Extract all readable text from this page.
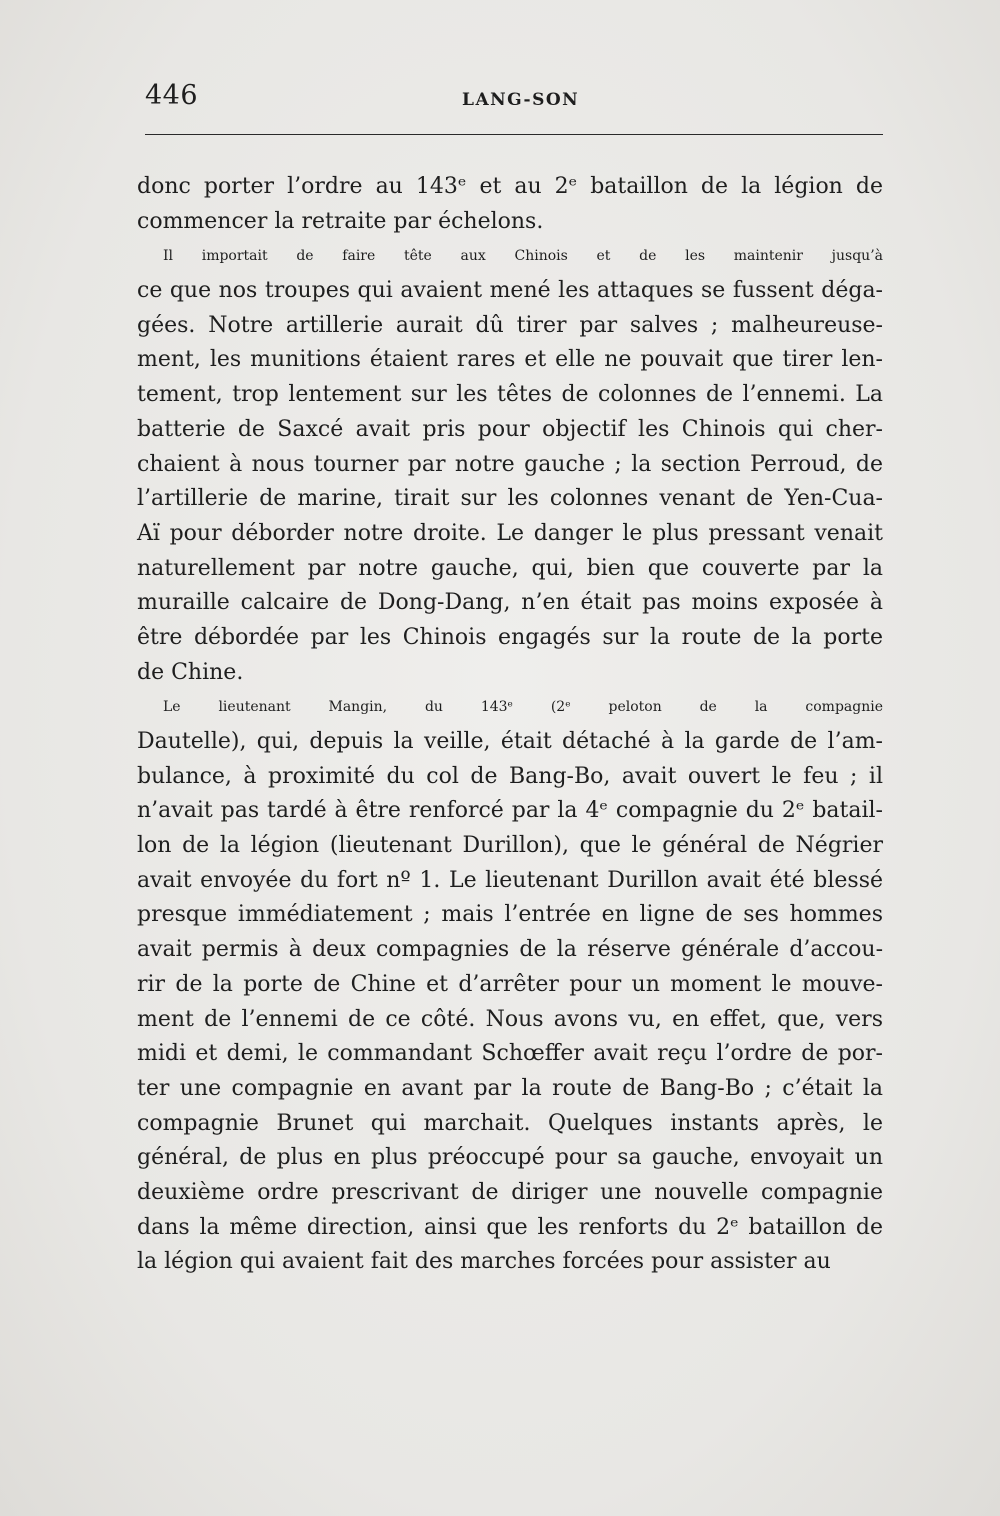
446	LANG-SON
donc porter l’ordre au 143ᵉ et au 2ᵉ bataillon de la légion de
commencer la retraite par échelons.
Il importait de faire tête aux Chinois et de les maintenir jusqu’à
ce que nos troupes qui avaient mené les attaques se fussent déga-
gées. Notre artillerie aurait dû tirer par salves ; malheureuse-
ment, les munitions étaient rares et elle ne pouvait que tirer len-
tement, trop lentement sur les têtes de colonnes de l’ennemi. La
batterie de Saxcé avait pris pour objectif les Chinois qui cher-
chaient à nous tourner par notre gauche ; la section Perroud, de
l’artillerie de marine, tirait sur les colonnes venant de Yen-Cua-
Aï pour déborder notre droite. Le danger le plus pressant venait
naturellement par notre gauche, qui, bien que couverte par la
muraille calcaire de Dong-Dang, n’en était pas moins exposée à
être débordée par les Chinois engagés sur la route de la porte
de Chine.
Le lieutenant Mangin, du 143ᵉ (2ᵉ peloton de la compagnie
Dautelle), qui, depuis la veille, était détaché à la garde de l’am-
bulance, à proximité du col de Bang-Bo, avait ouvert le feu ; il
n’avait pas tardé à être renforcé par la 4ᵉ compagnie du 2ᵉ batail-
lon de la légion (lieutenant Durillon), que le général de Négrier
avait envoyée du fort nº 1. Le lieutenant Durillon avait été blessé
presque immédiatement ; mais l’entrée en ligne de ses hommes
avait permis à deux compagnies de la réserve générale d’accou-
rir de la porte de Chine et d’arrêter pour un moment le mouve-
ment de l’ennemi de ce côté. Nous avons vu, en effet, que, vers
midi et demi, le commandant Schœffer avait reçu l’ordre de por-
ter une compagnie en avant par la route de Bang-Bo ; c’était la
compagnie Brunet qui marchait. Quelques instants après, le
général, de plus en plus préoccupé pour sa gauche, envoyait un
deuxième ordre prescrivant de diriger une nouvelle compagnie
dans la même direction, ainsi que les renforts du 2ᵉ bataillon de
la légion qui avaient fait des marches forcées pour assister au
